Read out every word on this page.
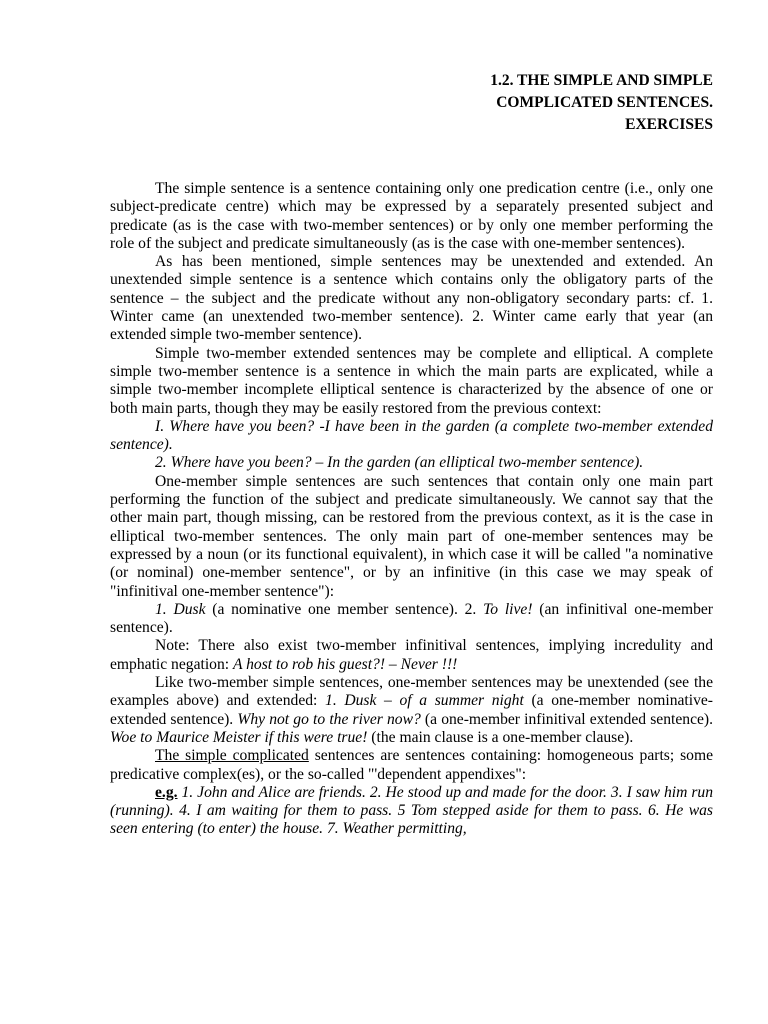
1.2. THE SIMPLE AND SIMPLE
COMPLICATED SENTENCES.
EXERCISES

The simple sentence is a sentence containing only one predication centre (i.e., only one subject-predicate centre) which may be expressed by a separately presented subject and predicate (as is the case with two-member sentences) or by only one member performing the role of the subject and predicate simultaneously (as is the case with one-member sentences).

As has been mentioned, simple sentences may be unextended and extended. An unextended simple sentence is a sentence which contains only the obligatory parts of the sentence – the subject and the predicate without any non-obligatory secondary parts: cf. 1. Winter came (an unextended two-member sentence). 2. Winter came early that year (an extended simple two-member sentence).

Simple two-member extended sentences may be complete and elliptical. A complete simple two-member sentence is a sentence in which the main parts are explicated, while a simple two-member incomplete elliptical sentence is characterized by the absence of one or both main parts, though they may be easily restored from the previous context:

I. Where have you been? -I have been in the garden (a complete two-member extended sentence).

2. Where have you been? – In the garden (an elliptical two-member sentence).

One-member simple sentences are such sentences that contain only one main part performing the function of the subject and predicate simultaneously. We cannot say that the other main part, though missing, can be restored from the previous context, as it is the case in elliptical two-member sentences. The only main part of one-member sentences may be expressed by a noun (or its functional equivalent), in which case it will be called "a nominative (or nominal) one-member sentence", or by an infinitive (in this case we may speak of "infinitival one-member sentence"):

1. Dusk (a nominative one member sentence). 2. To live! (an infinitival one-member sentence).

Note: There also exist two-member infinitival sentences, implying incredulity and emphatic negation: A host to rob his guest?! – Never !!!

Like two-member simple sentences, one-member sentences may be unextended (see the examples above) and extended: 1. Dusk – of a summer night (a one-member nominative-extended sentence). Why not go to the river now? (a one-member infinitival extended sentence). Woe to Maurice Meister if this were true! (the main clause is a one-member clause).

The simple complicated sentences are sentences containing: homogeneous parts; some predicative complex(es), or the so-called "'dependent appendixes":

e.g. 1. John and Alice are friends. 2. He stood up and made for the door. 3. I saw him run (running). 4. I am waiting for them to pass. 5 Tom stepped aside for them to pass. 6. He was seen entering (to enter) the house. 7. Weather permitting,
